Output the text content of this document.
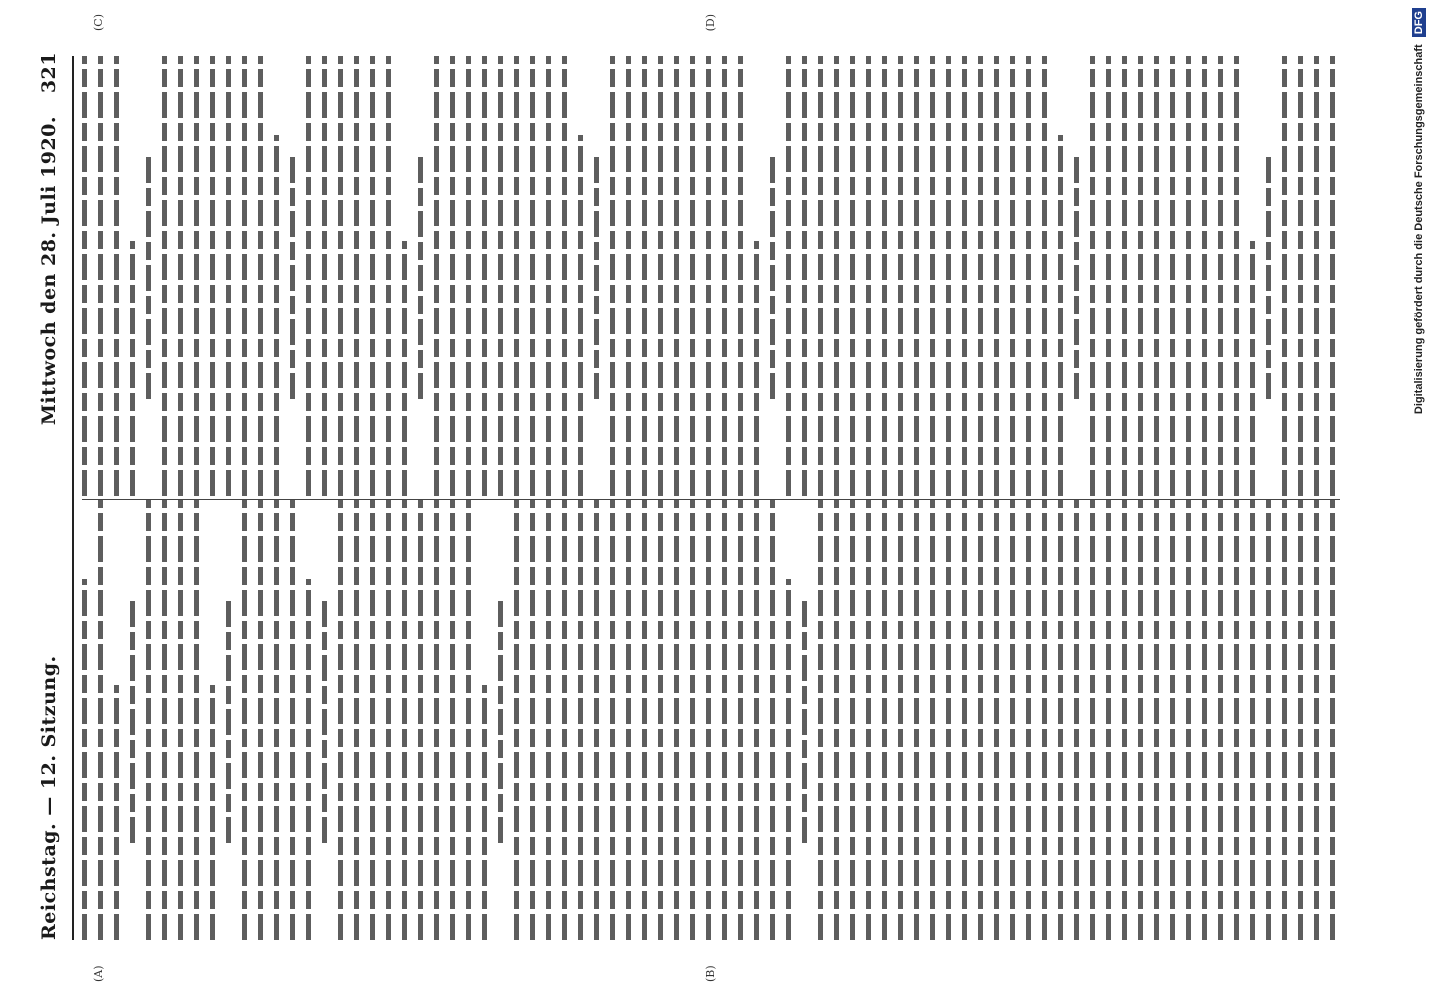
Reichstag. — 12. Sitzung.
Mittwoch den 28. Juli 1920.
321
(A)	(B)
(C)	(D)
Digitalisierung gefördert durch die Deutsche Forschungsgemeinschaft DFG
